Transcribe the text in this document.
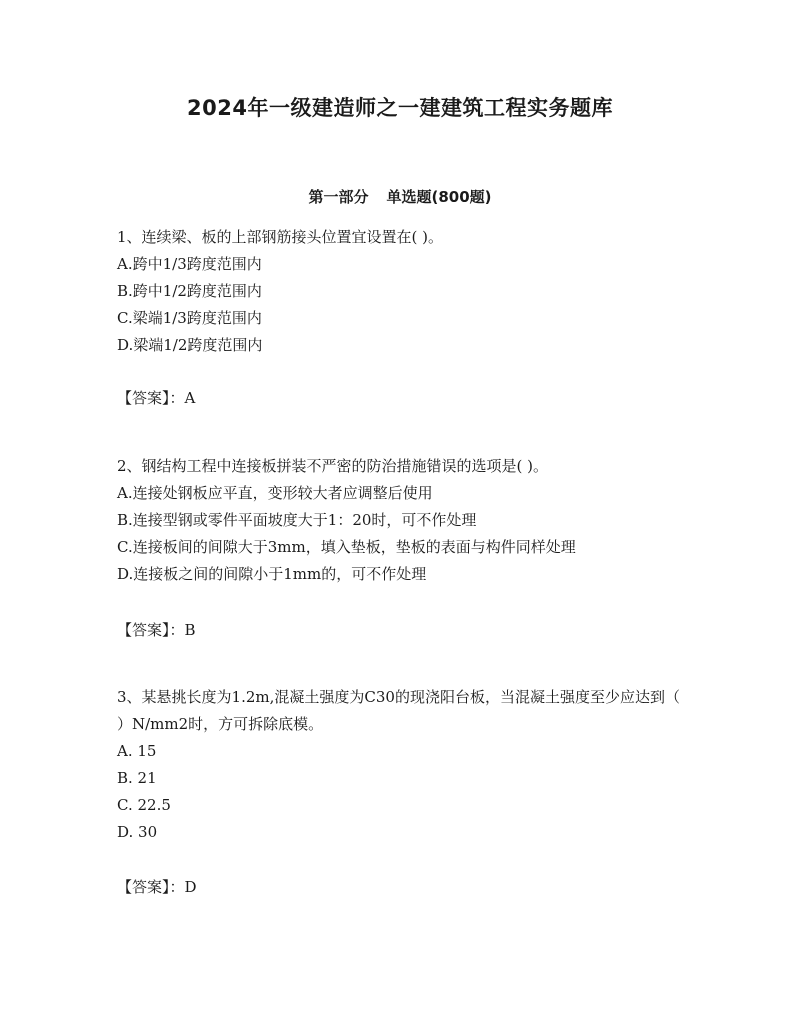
2024年一级建造师之一建建筑工程实务题库
第一部分 单选题(800题)

1、连续梁、板的上部钢筋接头位置宜设置在( )。

A.跨中1/3跨度范围内
B.跨中1/2跨度范围内
C.梁端1/3跨度范围内
D.梁端1/2跨度范围内
【答案】：A

2、钢结构工程中连接板拼装不严密的防治措施错误的选项是( )。

A.连接处钢板应平直，变形较大者应调整后使用
B.连接型钢或零件平面坡度大于1：20时，可不作处理
C.连接板间的间隙大于3mm，填入垫板，垫板的表面与构件同样处理
D.连接板之间的间隙小于1mm的，可不作处理
【答案】：B

3、某悬挑长度为1.2m,混凝土强度为C30的现浇阳台板，当混凝土强度至少应达到（ ）N/mm2时，方可拆除底模。

A. 15
B. 21
C. 22.5
D. 30
【答案】：D
